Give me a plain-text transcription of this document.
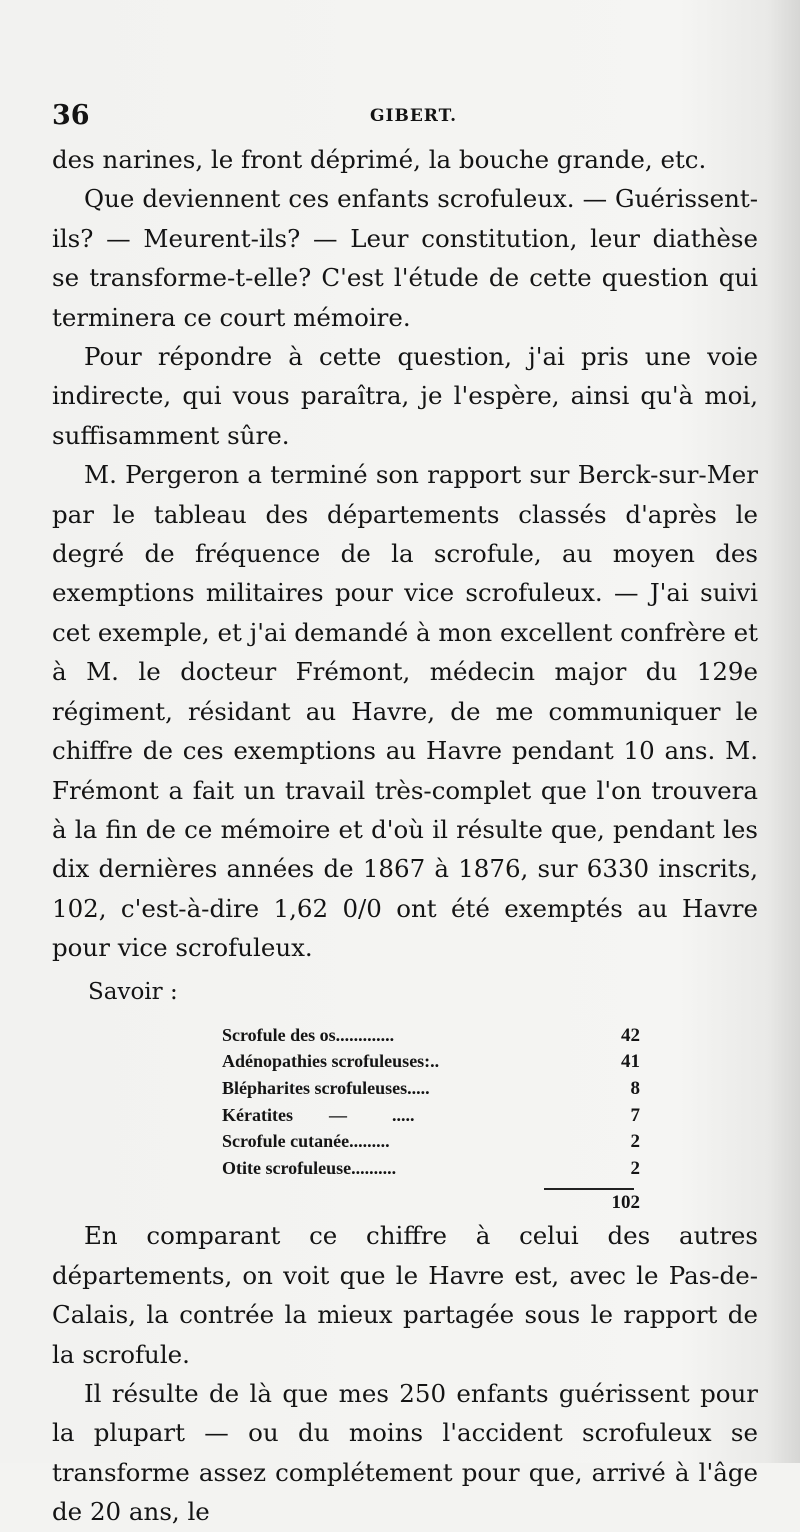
36	GIBERT.

des narines, le front déprimé, la bouche grande, etc.

Que deviennent ces enfants scrofuleux. — Guérissent-ils? — Meurent-ils? — Leur constitution, leur diathèse se transforme-t-elle? C'est l'étude de cette question qui terminera ce court mémoire.

Pour répondre à cette question, j'ai pris une voie indirecte, qui vous paraîtra, je l'espère, ainsi qu'à moi, suffisamment sûre.

M. Pergeron a terminé son rapport sur Berck-sur-Mer par le tableau des départements classés d'après le degré de fréquence de la scrofule, au moyen des exemptions militaires pour vice scrofuleux. — J'ai suivi cet exemple, et j'ai demandé à mon excellent confrère et à M. le docteur Frémont, médecin major du 129e régiment, résidant au Havre, de me communiquer le chiffre de ces exemptions au Havre pendant 10 ans. M. Frémont a fait un travail très-complet que l'on trouvera à la fin de ce mémoire et d'où il résulte que, pendant les dix dernières années de 1867 à 1876, sur 6330 inscrits, 102, c'est-à-dire 1,62 0/0 ont été exemptés au Havre pour vice scrofuleux.

Savoir :

Scrofule des os.............	42
Adénopathies scrofuleuses:..	41
Blépharites scrofuleuses.....	8
Kératites        —          .....	7
Scrofule cutanée.........	2
Otite scrofuleuse..........	2
102

En comparant ce chiffre à celui des autres départements, on voit que le Havre est, avec le Pas-de-Calais, la contrée la mieux partagée sous le rapport de la scrofule.

Il résulte de là que mes 250 enfants guérissent pour la plupart — ou du moins l'accident scrofuleux se transforme assez complétement pour que, arrivé à l'âge de 20 ans, le
